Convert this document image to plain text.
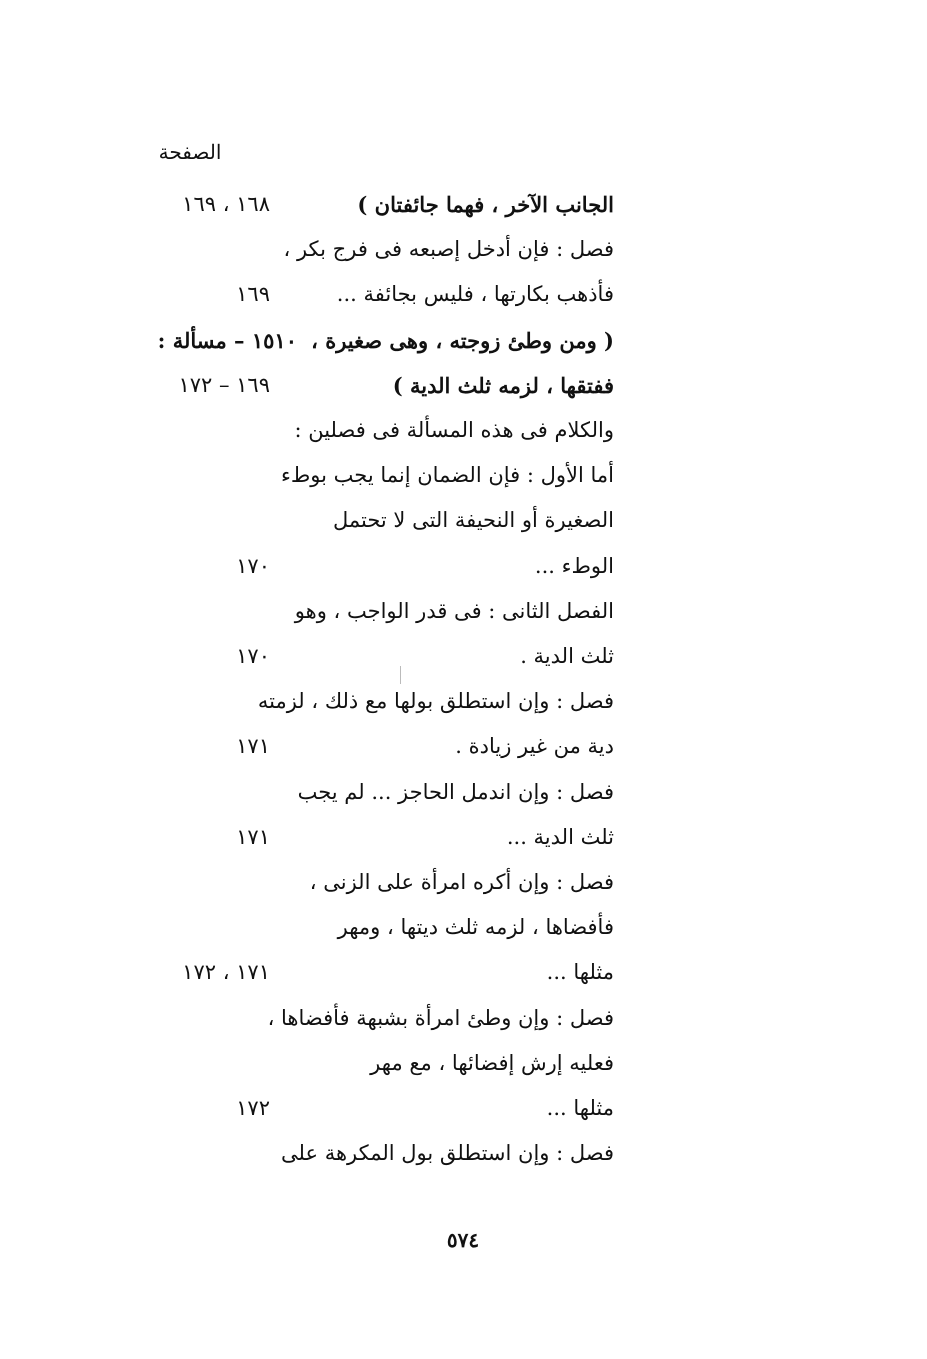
الصفحة
الجانب الآخر ، فهما جائفتان )
١٦٨ ، ١٦٩
فصل : فإن أدخل إصبعه فى فرج بكر ،
فأذهب بكارتها ، فليس بجائفة ...
١٦٩
١٥١٠ – مسألة : ( ومن وطئ زوجته ، وهى صغيرة ،
ففتقها ، لزمه ثلث الدية )
١٦٩ – ١٧٢
والكلام فى هذه المسألة فى فصلين :
أما الأول : فإن الضمان إنما يجب بوطء
الصغيرة أو النحيفة التى لا تحتمل
الوطء ...
١٧٠
الفصل الثانى : فى قدر الواجب ، وهو
ثلث الدية .
١٧٠
فصل : وإن استطلق بولها مع ذلك ، لزمته
دية من غير زيادة .
١٧١
فصل : وإن اندمل الحاجز ... لم يجب
ثلث الدية ...
١٧١
فصل : وإن أكره امرأة على الزنى ،
فأفضاها ، لزمه ثلث ديتها ، ومهر
مثلها ...
١٧١ ، ١٧٢
فصل : وإن وطئ امرأة بشبهة فأفضاها ،
فعليه إرش إفضائها ، مع مهر
مثلها ...
١٧٢
فصل : وإن استطلق بول المكرهة على
٥٧٤
